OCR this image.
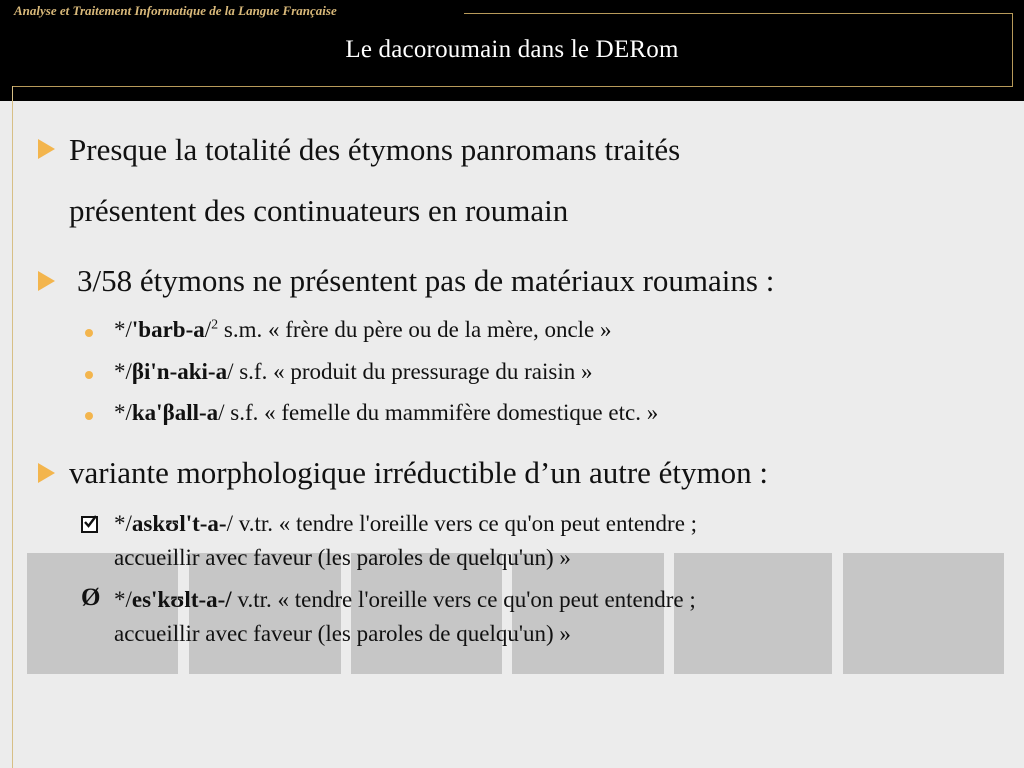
Analyse et Traitement Informatique de la Langue Française
Le dacoroumain dans le DERom
Presque la totalité des étymons panromans traités
présentent des continuateurs en roumain
3/58 étymons ne présentent pas de matériaux roumains :
*/'barb-a/$^2$ s.m. « frère du père ou de la mère, oncle »
*/βi'n-aki-a/ s.f. « produit du pressurage du raisin »
*/ka'βall-a/ s.f. « femelle du mammifère domestique etc. »
variante morphologique irréductible d’un autre étymon :
*/askʊl't-a-/ v.tr. « tendre l'oreille vers ce qu'on peut entendre ;
accueillir avec faveur (les paroles de quelqu'un) »
Ø */es'kʊlt-a-/ v.tr. « tendre l'oreille vers ce qu'on peut entendre ;
accueillir avec faveur (les paroles de quelqu'un) »
